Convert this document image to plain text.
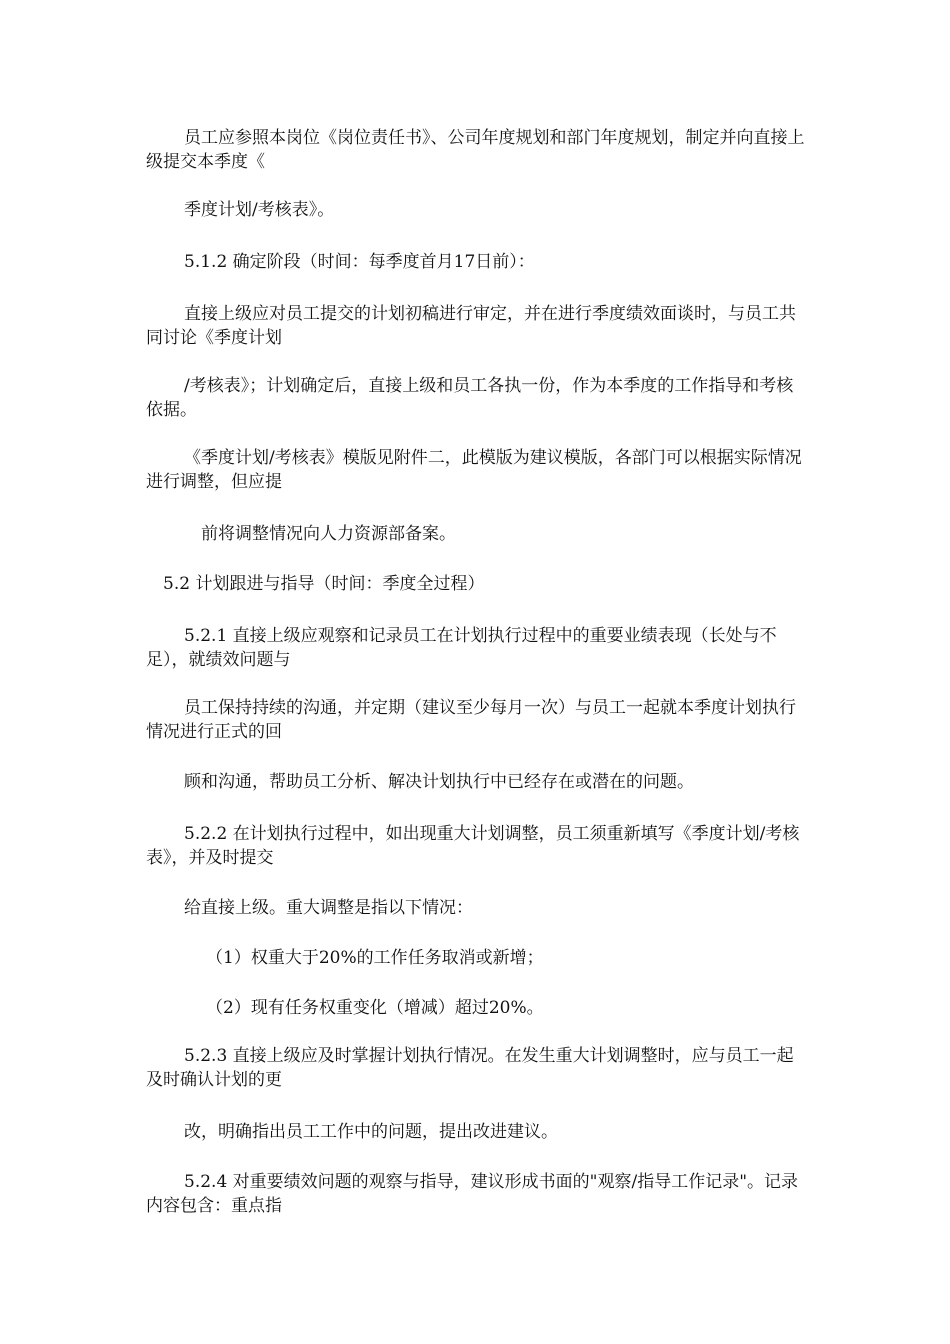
员工应参照本岗位《岗位责任书》、公司年度规划和部门年度规划，制定并向直接上级提交本季度《

季度计划/考核表》。

5.1.2 确定阶段（时间：每季度首月17日前）：

直接上级应对员工提交的计划初稿进行审定，并在进行季度绩效面谈时，与员工共同讨论《季度计划

/考核表》；计划确定后，直接上级和员工各执一份，作为本季度的工作指导和考核依据。

《季度计划/考核表》模版见附件二，此模版为建议模版，各部门可以根据实际情况进行调整，但应提

前将调整情况向人力资源部备案。

5.2 计划跟进与指导（时间：季度全过程）

5.2.1 直接上级应观察和记录员工在计划执行过程中的重要业绩表现（长处与不足），就绩效问题与

员工保持持续的沟通，并定期（建议至少每月一次）与员工一起就本季度计划执行情况进行正式的回

顾和沟通，帮助员工分析、解决计划执行中已经存在或潜在的问题。

5.2.2 在计划执行过程中，如出现重大计划调整，员工须重新填写《季度计划/考核表》，并及时提交

给直接上级。重大调整是指以下情况：

（1）权重大于20%的工作任务取消或新增；

（2）现有任务权重变化（增减）超过20%。

5.2.3 直接上级应及时掌握计划执行情况。在发生重大计划调整时，应与员工一起及时确认计划的更

改，明确指出员工工作中的问题，提出改进建议。

5.2.4 对重要绩效问题的观察与指导，建议形成书面的"观察/指导工作记录"。记录内容包含：重点指
